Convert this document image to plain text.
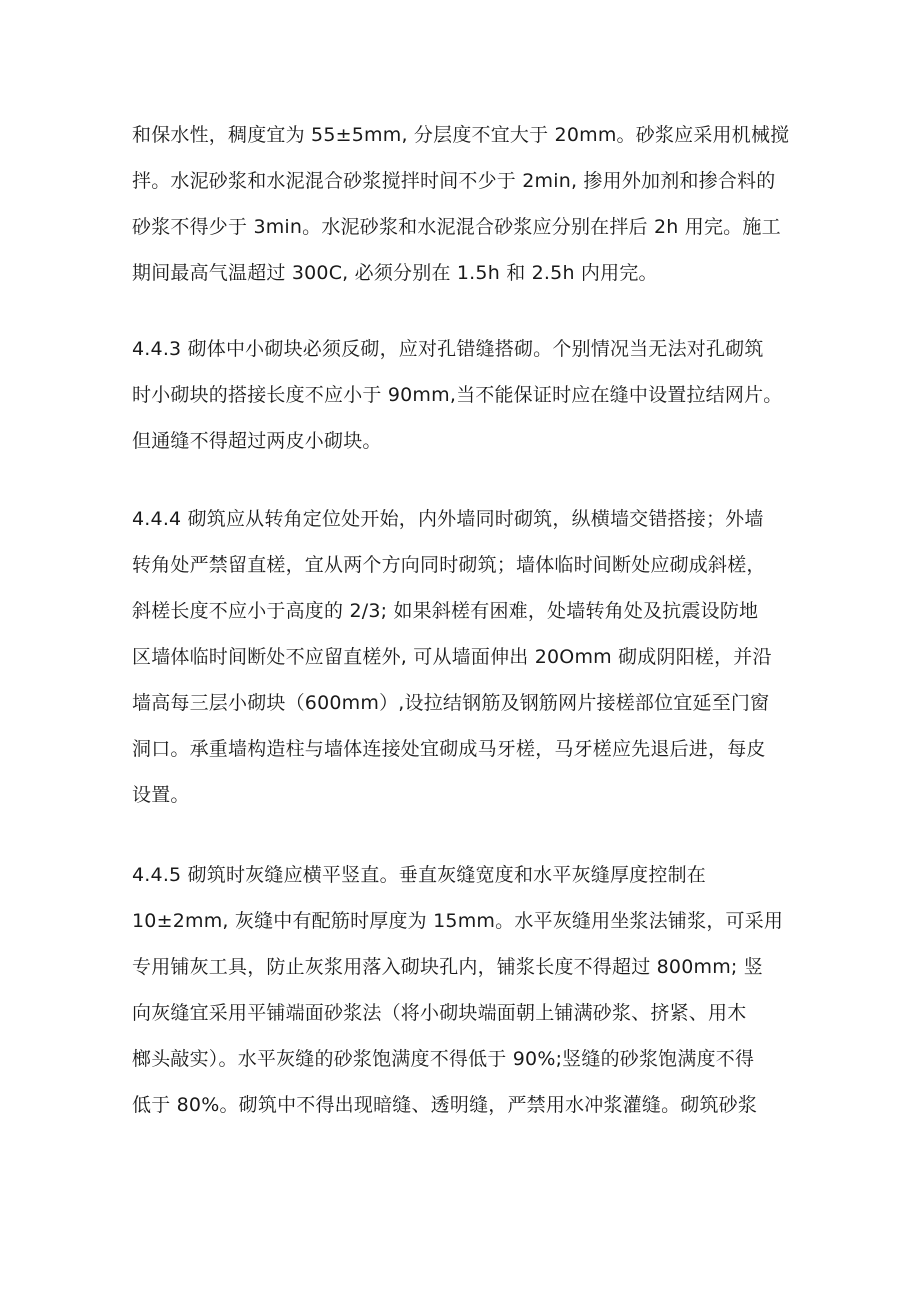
和保水性，稠度宜为 55±5mm, 分层度不宜大于 20mm。砂浆应采用机械搅
拌。水泥砂浆和水泥混合砂浆搅拌时间不少于 2min, 掺用外加剂和掺合料的
砂浆不得少于 3min。水泥砂浆和水泥混合砂浆应分别在拌后 2h 用完。施工
期间最高气温超过 300C, 必须分别在 1.5h 和 2.5h 内用完。
4.4.3 砌体中小砌块必须反砌，应对孔错缝搭砌。个别情况当无法对孔砌筑
时小砌块的搭接长度不应小于 90mm,当不能保证时应在缝中设置拉结网片。
但通缝不得超过两皮小砌块。
4.4.4 砌筑应从转角定位处开始，内外墙同时砌筑，纵横墙交错搭接；外墙
转角处严禁留直槎，宜从两个方向同时砌筑；墙体临时间断处应砌成斜槎，
斜槎长度不应小于高度的 2/3; 如果斜槎有困难，处墙转角处及抗震设防地
区墙体临时间断处不应留直槎外, 可从墙面伸出 20Omm 砌成阴阳槎，并沿
墙高每三层小砌块（600mm）,设拉结钢筋及钢筋网片接槎部位宜延至门窗
洞口。承重墙构造柱与墙体连接处宜砌成马牙槎，马牙槎应先退后进，每皮
设置。
4.4.5 砌筑时灰缝应横平竖直。垂直灰缝宽度和水平灰缝厚度控制在
10±2mm, 灰缝中有配筋时厚度为 15mm。水平灰缝用坐浆法铺浆，可采用
专用铺灰工具，防止灰浆用落入砌块孔内，铺浆长度不得超过 800mm; 竖
向灰缝宜采用平铺端面砂浆法（将小砌块端面朝上铺满砂浆、挤紧、用木
榔头敲实）。水平灰缝的砂浆饱满度不得低于 90%;竖缝的砂浆饱满度不得
低于 80%。砌筑中不得出现暗缝、透明缝，严禁用水冲浆灌缝。砌筑砂浆
